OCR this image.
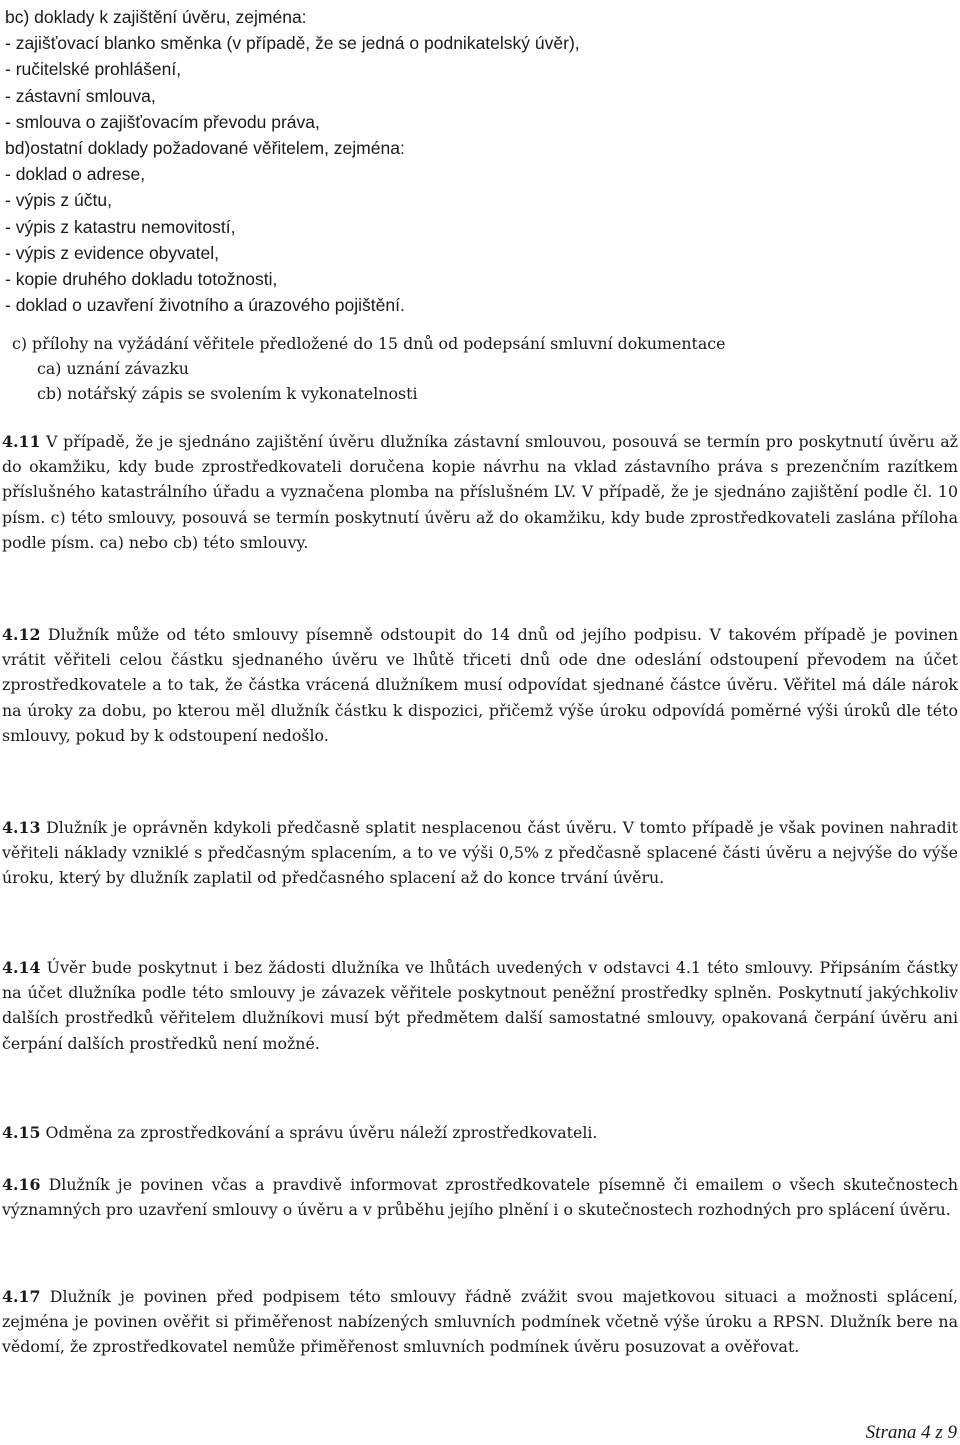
bc) doklady k zajištění úvěru, zejména:
- zajišťovací blanko směnka (v případě, že se jedná o podnikatelský úvěr),
- ručitelské prohlášení,
- zástavní smlouva,
- smlouva o zajišťovacím převodu práva,
bd)ostatní doklady požadované věřitelem, zejména:
- doklad o adrese,
- výpis z účtu,
- výpis z katastru nemovitostí,
- výpis z evidence obyvatel,
- kopie druhého dokladu totožnosti,
- doklad o uzavření životního a úrazového pojištění.
c) přílohy na vyžádání věřitele předložené do 15 dnů od podepsání smluvní dokumentace
ca) uznání závazku
cb) notářský zápis se svolením k vykonatelnosti
4.11 V případě, že je sjednáno zajištění úvěru dlužníka zástavní smlouvou, posouvá se termín pro poskytnutí úvěru až do okamžiku, kdy bude zprostředkovateli doručena kopie návrhu na vklad zástavního práva s prezenčním razítkem příslušného katastrálního úřadu a vyznačena plomba na příslušném LV. V případě, že je sjednáno zajištění podle čl. 10 písm. c) této smlouvy, posouvá se termín poskytnutí úvěru až do okamžiku, kdy bude zprostředkovateli zaslána příloha podle písm. ca) nebo cb) této smlouvy.
4.12 Dlužník může od této smlouvy písemně odstoupit do 14 dnů od jejího podpisu. V takovém případě je povinen vrátit věřiteli celou částku sjednaného úvěru ve lhůtě třiceti dnů ode dne odeslání odstoupení převodem na účet zprostředkovatele a to tak, že částka vrácená dlužníkem musí odpovídat sjednané částce úvěru. Věřitel má dále nárok na úroky za dobu, po kterou měl dlužník částku k dispozici, přičemž výše úroku odpovídá poměrné výši úroků dle této smlouvy, pokud by k odstoupení nedošlo.
4.13 Dlužník je oprávněn kdykoli předčasně splatit nesplacenou část úvěru. V tomto případě je však povinen nahradit věřiteli náklady vzniklé s předčasným splacením, a to ve výši 0,5% z předčasně splacené části úvěru a nejvýše do výše úroku, který by dlužník zaplatil od předčasného splacení až do konce trvání úvěru.
4.14 Úvěr bude poskytnut i bez žádosti dlužníka ve lhůtách uvedených v odstavci 4.1 této smlouvy. Připsáním částky na účet dlužníka podle této smlouvy je závazek věřitele poskytnout peněžní prostředky splněn. Poskytnutí jakýchkoliv dalších prostředků věřitelem dlužníkovi musí být předmětem další samostatné smlouvy, opakovaná čerpání úvěru ani čerpání dalších prostředků není možné.
4.15 Odměna za zprostředkování a správu úvěru náleží zprostředkovateli.
4.16 Dlužník je povinen včas a pravdivě informovat zprostředkovatele písemně či emailem o všech skutečnostech významných pro uzavření smlouvy o úvěru a v průběhu jejího plnění i o skutečnostech rozhodných pro splácení úvěru.
4.17 Dlužník je povinen před podpisem této smlouvy řádně zvážit svou majetkovou situaci a možnosti splácení, zejména je povinen ověřit si přiměřenost nabízených smluvních podmínek včetně výše úroku a RPSN. Dlužník bere na vědomí, že zprostředkovatel nemůže přiměřenost smluvních podmínek úvěru posuzovat a ověřovat.
Strana 4 z 9
